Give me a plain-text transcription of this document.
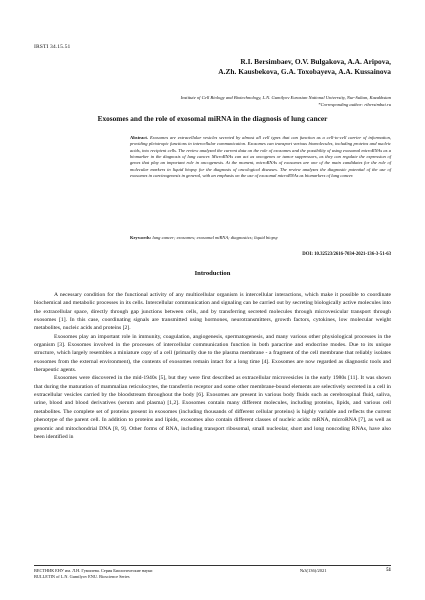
IRSTI 34.15.51
R.I. Bersimbaev, O.V. Bulgakova, A.A. Aripova,
A.Zh. Kausbekova, G.A. Toxobayeva, A.A. Kussainova
Institute of Cell Biology and Biotechnology, L.N. Gumilyov Eurasian National University, Nur-Sultan, Kazakhstan
*Corresponding author: ribersimbai.ru
Exosomes and the role of exosomal miRNA in the diagnosis of lung cancer
Abstract. Exosomes are extracellular vesicles secreted by almost all cell types that can function as a cell-to-cell carrier of information, providing pleiotropic functions in intercellular communication. Exosomes can transport various biomolecules, including proteins and nucleic acids, into recipient cells. The review analyzed the current data on the role of exosomes and the possibility of using exosomal microRNAs as a biomarker in the diagnosis of lung cancer. MicroRNAs can act as oncogenes or tumor suppressors, as they can regulate the expression of genes that play an important role in oncogenesis. At the moment, microRNAs of exosomes are one of the main candidates for the role of molecular markers in liquid biopsy for the diagnosis of oncological diseases. The review analyzes the diagnostic potential of the use of exosomes in carcinogenesis in general, with an emphasis on the use of exosomal microRNAs as biomarkers of lung cancer.
Keywords: lung cancer; exosomes; exosomal miRNA; diagnostics; liquid biopsy
DOI: 10.32523/2616-7034-2021-136-3-51-63
Introduction

A necessary condition for the functional activity of any multicellular organism is intercellular interactions, which make it possible to coordinate biochemical and metabolic processes in its cells. Intercellular communication and signaling can be carried out by secreting biologically active molecules into the extracellular space, directly through gap junctions between cells, and by transferring secreted molecules through microvesicular transport through exosomes [1]. In this case, coordinating signals are transmitted using hormones, neurotransmitters, growth factors, cytokines, low molecular weight metabolites, nucleic acids and proteins [2].

Exosomes play an important role in immunity, coagulation, angiogenesis, spermatogenesis, and many various other physiological processes in the organism [3]. Exosomes involved in the processes of intercellular communication function in both paracrine and endocrine modes. Due to its unique structure, which largely resembles a miniature copy of a cell (primarily due to the plasma membrane - a fragment of the cell membrane that reliably isolates exosomes from the external environment), the contents of exosomes remain intact for a long time [4]. Exosomes are now regarded as diagnostic tools and therapeutic agents.

Exosomes were discovered in the mid-1940s [5], but they were first described as extracellular microvesicles in the early 1980s [11]. It was shown that during the maturation of mammalian reticulocytes, the transferrin receptor and some other membrane-bound elements are selectively secreted in a cell in extracellular vesicles carried by the bloodstream throughout the body [6]. Exosomes are present in various body fluids such as cerebrospinal fluid, saliva, urine, blood and blood derivatives (serum and plasma) [1,2]. Exosomes contain many different molecules, including proteins, lipids, and various cell metabolites. The complete set of proteins present in exosomes (including thousands of different cellular proteins) is highly variable and reflects the current phenotype of the parent cell. In addition to proteins and lipids, exosomes also contain different classes of nucleic acids: mRNA, microRNA [7], as well as genomic and mitochondrial DNA [8, 9]. Other forms of RNA, including transport ribosomal, small nucleolar, short and long noncoding RNAs, have also been identified in

ВЕСТНИК ЕНУ им. Л.Н. Гумилева. Серия Биологические науки
BULLETIN of L.N. Gumilyov ENU. Bioscience Series
№3(136)/2021	51
